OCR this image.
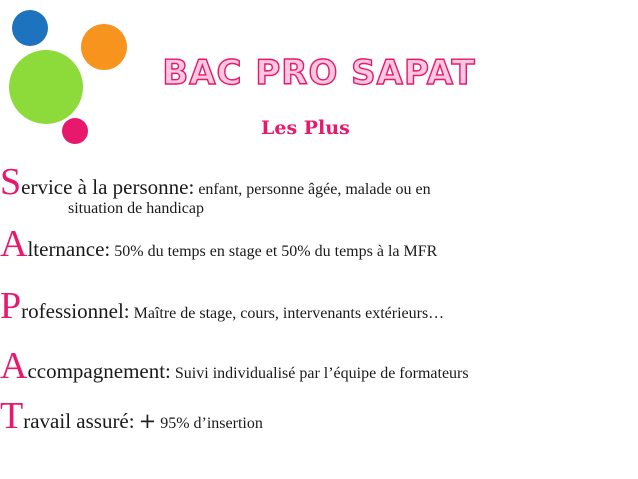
BAC PRO SAPAT
Les Plus
Service à la personne: enfant, personne âgée, malade ou en
situation de handicap
Alternance: 50% du temps en stage et 50% du temps à la MFR
Professionnel: Maître de stage, cours, intervenants extérieurs…
Accompagnement: Suivi individualisé par l’équipe de formateurs
Travail assuré: + 95% d’insertion
